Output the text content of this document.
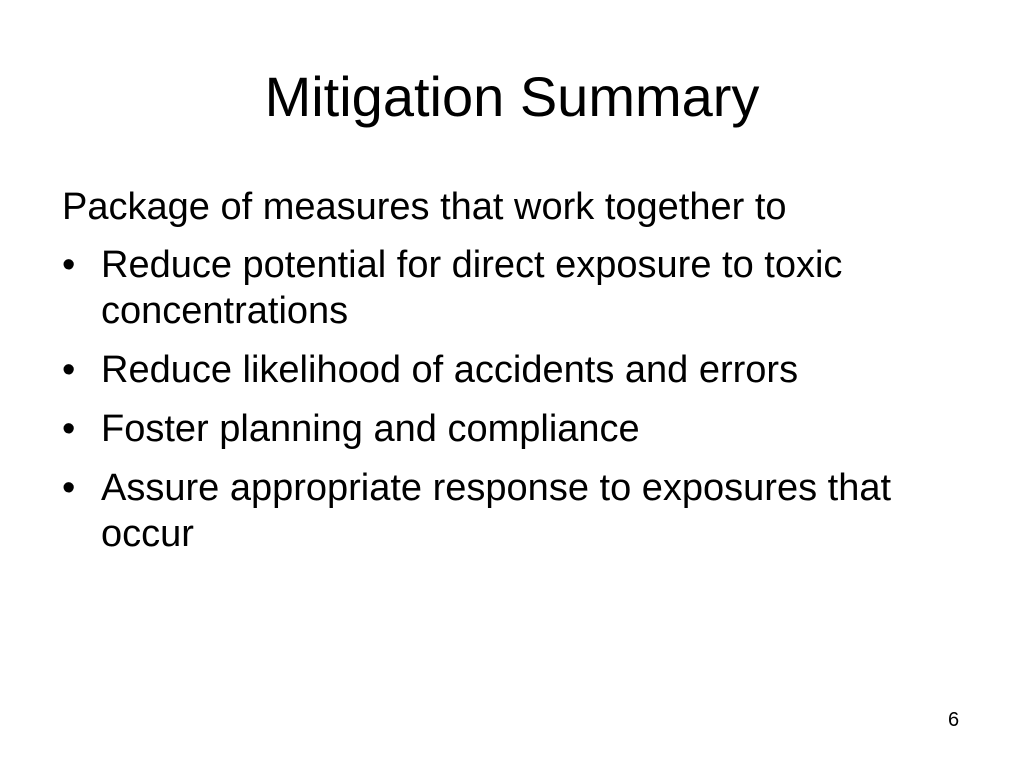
Mitigation Summary

Package of measures that work together to

• Reduce potential for direct exposure to toxic concentrations
• Reduce likelihood of accidents and errors
• Foster planning and compliance
• Assure appropriate response to exposures that occur
6
